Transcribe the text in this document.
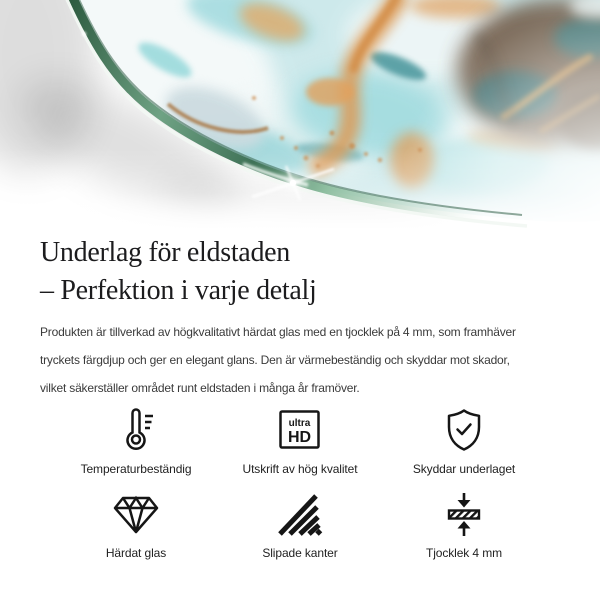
Underlag för eldstaden
– Perfektion i varje detalj

Produkten är tillverkad av högkvalitativt härdat glas med en tjocklek på 4 mm, som framhäver
tryckets färgdjup och ger en elegant glans. Den är värmebeständig och skyddar mot skador,
vilket säkerställer området runt eldstaden i många år framöver.

Temperaturbeständig
ultra
HD
Utskrift av hög kvalitet	Skyddar underlaget
Härdat glas	Slipade kanter	Tjocklek 4 mm
